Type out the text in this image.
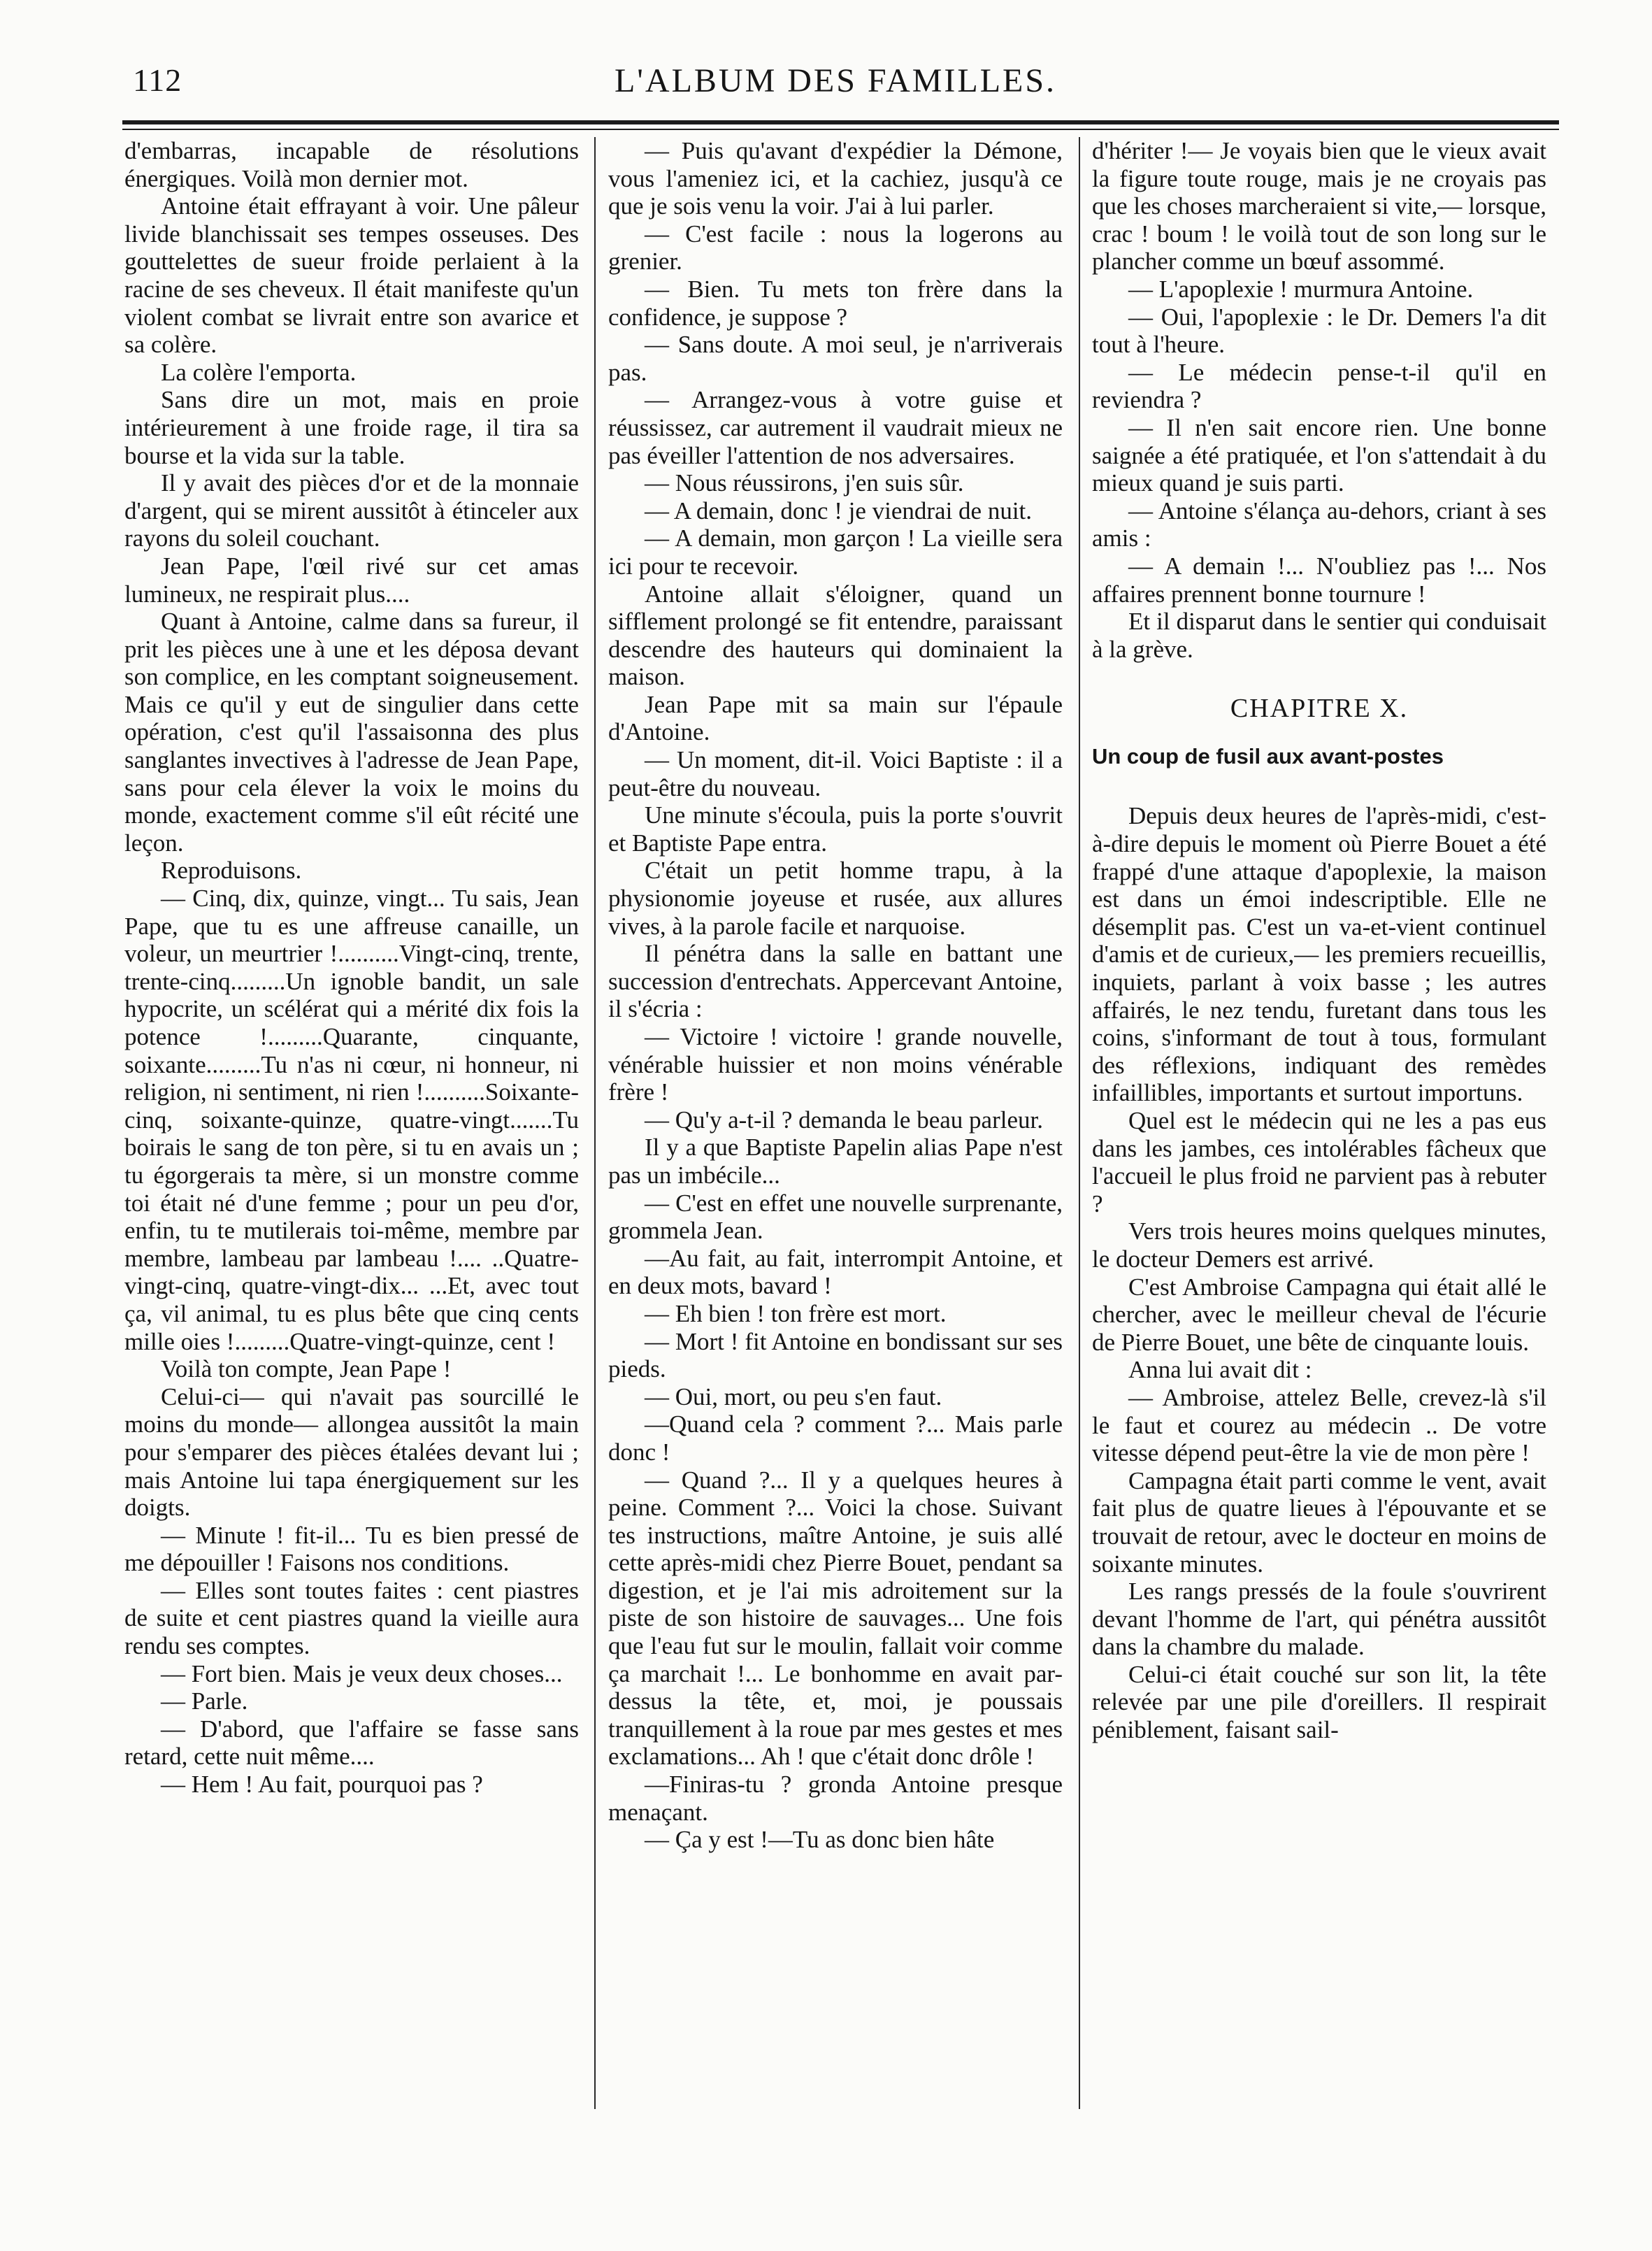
112	L'ALBUM DES FAMILLES.

d'embarras, incapable de résolutions énergiques. Voilà mon dernier mot.

Antoine était effrayant à voir. Une pâleur livide blanchissait ses tempes osseuses. Des gouttelettes de sueur froide perlaient à la racine de ses cheveux. Il était manifeste qu'un violent combat se livrait entre son avarice et sa colère.

La colère l'emporta.

Sans dire un mot, mais en proie intérieurement à une froide rage, il tira sa bourse et la vida sur la table.

Il y avait des pièces d'or et de la monnaie d'argent, qui se mirent aussitôt à étinceler aux rayons du soleil couchant.

Jean Pape, l'œil rivé sur cet amas lumineux, ne respirait plus....

Quant à Antoine, calme dans sa fureur, il prit les pièces une à une et les déposa devant son complice, en les comptant soigneusement. Mais ce qu'il y eut de singulier dans cette opération, c'est qu'il l'assaisonna des plus sanglantes invectives à l'adresse de Jean Pape, sans pour cela élever la voix le moins du monde, exactement comme s'il eût récité une leçon.

Reproduisons.

— Cinq, dix, quinze, vingt... Tu sais, Jean Pape, que tu es une affreuse canaille, un voleur, un meurtrier !..........Vingt-cinq, trente, trente-cinq.........Un ignoble bandit, un sale hypocrite, un scélérat qui a mérité dix fois la potence !.........Quarante, cinquante, soixante.........Tu n'as ni cœur, ni honneur, ni religion, ni sentiment, ni rien !..........Soixante-cinq, soixante-quinze, quatre-vingt.......Tu boirais le sang de ton père, si tu en avais un ; tu égorgerais ta mère, si un monstre comme toi était né d'une femme ; pour un peu d'or, enfin, tu te mutilerais toi-même, membre par membre, lambeau par lambeau !.... ..Quatre-vingt-cinq, quatre-vingt-dix... ...Et, avec tout ça, vil animal, tu es plus bête que cinq cents mille oies !.........Quatre-vingt-quinze, cent !

Voilà ton compte, Jean Pape !

Celui-ci— qui n'avait pas sourcillé le moins du monde— allongea aussitôt la main pour s'emparer des pièces étalées devant lui ; mais Antoine lui tapa énergiquement sur les doigts.

— Minute ! fit-il... Tu es bien pressé de me dépouiller ! Faisons nos conditions.

— Elles sont toutes faites : cent piastres de suite et cent piastres quand la vieille aura rendu ses comptes.

— Fort bien. Mais je veux deux choses...

— Parle.

— D'abord, que l'affaire se fasse sans retard, cette nuit même....

— Hem ! Au fait, pourquoi pas ?

— Puis qu'avant d'expédier la Démone, vous l'ameniez ici, et la cachiez, jusqu'à ce que je sois venu la voir. J'ai à lui parler.

— C'est facile : nous la logerons au grenier.

— Bien. Tu mets ton frère dans la confidence, je suppose ?

— Sans doute. A moi seul, je n'arriverais pas.

— Arrangez-vous à votre guise et réussissez, car autrement il vaudrait mieux ne pas éveiller l'attention de nos adversaires.

— Nous réussirons, j'en suis sûr.

— A demain, donc ! je viendrai de nuit.

— A demain, mon garçon ! La vieille sera ici pour te recevoir.

Antoine allait s'éloigner, quand un sifflement prolongé se fit entendre, paraissant descendre des hauteurs qui dominaient la maison.

Jean Pape mit sa main sur l'épaule d'Antoine.

— Un moment, dit-il. Voici Baptiste : il a peut-être du nouveau.

Une minute s'écoula, puis la porte s'ouvrit et Baptiste Pape entra.

C'était un petit homme trapu, à la physionomie joyeuse et rusée, aux allures vives, à la parole facile et narquoise.

Il pénétra dans la salle en battant une succession d'entrechats. Appercevant Antoine, il s'écria :

— Victoire ! victoire ! grande nouvelle, vénérable huissier et non moins vénérable frère !

— Qu'y a-t-il ? demanda le beau parleur.

Il y a que Baptiste Papelin alias Pape n'est pas un imbécile...

— C'est en effet une nouvelle surprenante, grommela Jean.

—Au fait, au fait, interrompit Antoine, et en deux mots, bavard !

— Eh bien ! ton frère est mort.

— Mort ! fit Antoine en bondissant sur ses pieds.

— Oui, mort, ou peu s'en faut.

—Quand cela ? comment ?... Mais parle donc !

— Quand ?... Il y a quelques heures à peine. Comment ?... Voici la chose. Suivant tes instructions, maître Antoine, je suis allé cette après-midi chez Pierre Bouet, pendant sa digestion, et je l'ai mis adroitement sur la piste de son histoire de sauvages... Une fois que l'eau fut sur le moulin, fallait voir comme ça marchait !... Le bonhomme en avait par-dessus la tête, et, moi, je poussais tranquillement à la roue par mes gestes et mes exclamations... Ah ! que c'était donc drôle !

—Finiras-tu ? gronda Antoine presque menaçant.

— Ça y est !—Tu as donc bien hâte

d'hériter !— Je voyais bien que le vieux avait la figure toute rouge, mais je ne croyais pas que les choses marcheraient si vite,— lorsque, crac ! boum ! le voilà tout de son long sur le plancher comme un bœuf assommé.

— L'apoplexie ! murmura Antoine.

— Oui, l'apoplexie : le Dr. Demers l'a dit tout à l'heure.

— Le médecin pense-t-il qu'il en reviendra ?

— Il n'en sait encore rien. Une bonne saignée a été pratiquée, et l'on s'attendait à du mieux quand je suis parti.

— Antoine s'élança au-dehors, criant à ses amis :

— A demain !... N'oubliez pas !... Nos affaires prennent bonne tournure !

Et il disparut dans le sentier qui conduisait à la grève.

CHAPITRE X.
Un coup de fusil aux avant-postes

Depuis deux heures de l'après-midi, c'est-à-dire depuis le moment où Pierre Bouet a été frappé d'une attaque d'apoplexie, la maison est dans un émoi indescriptible. Elle ne désemplit pas. C'est un va-et-vient continuel d'amis et de curieux,— les premiers recueillis, inquiets, parlant à voix basse ; les autres affairés, le nez tendu, furetant dans tous les coins, s'informant de tout à tous, formulant des réflexions, indiquant des remèdes infaillibles, importants et surtout importuns.

Quel est le médecin qui ne les a pas eus dans les jambes, ces intolérables fâcheux que l'accueil le plus froid ne parvient pas à rebuter ?

Vers trois heures moins quelques minutes, le docteur Demers est arrivé.

C'est Ambroise Campagna qui était allé le chercher, avec le meilleur cheval de l'écurie de Pierre Bouet, une bête de cinquante louis.

Anna lui avait dit :

— Ambroise, attelez Belle, crevez-là s'il le faut et courez au médecin .. De votre vitesse dépend peut-être la vie de mon père !

Campagna était parti comme le vent, avait fait plus de quatre lieues à l'épouvante et se trouvait de retour, avec le docteur en moins de soixante minutes.

Les rangs pressés de la foule s'ouvrirent devant l'homme de l'art, qui pénétra aussitôt dans la chambre du malade.

Celui-ci était couché sur son lit, la tête relevée par une pile d'oreillers. Il respirait péniblement, faisant sail-
